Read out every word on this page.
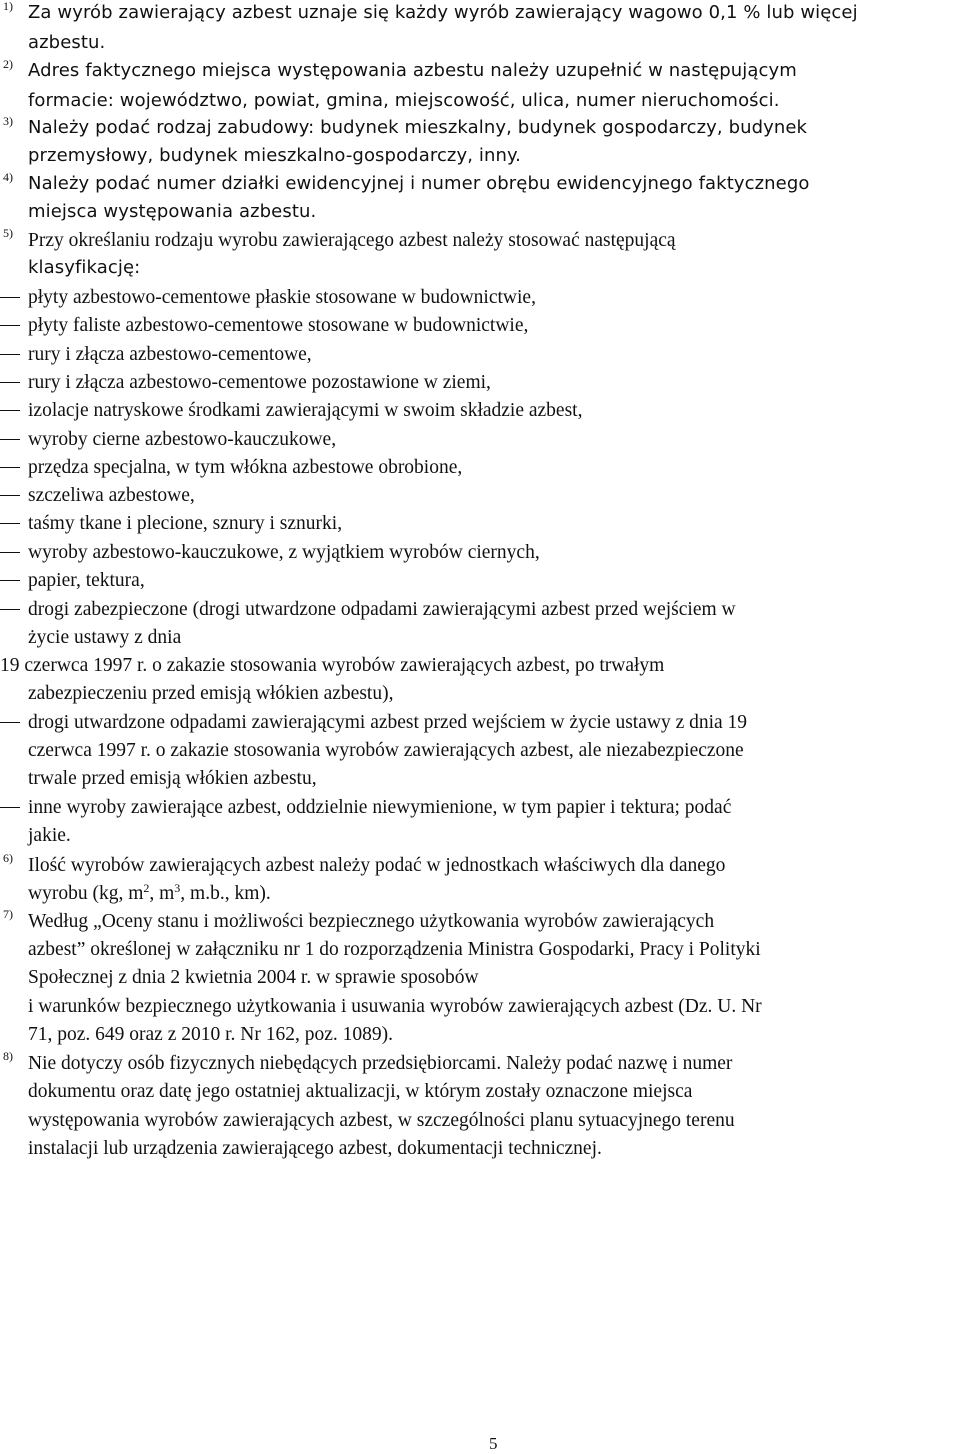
1) Za wyrób zawierający azbest uznaje się każdy wyrób zawierający wagowo 0,1 % lub więcej
azbestu.
2) Adres faktycznego miejsca występowania azbestu należy uzupełnić w następującym
formacie: województwo, powiat, gmina, miejscowość, ulica, numer nieruchomości.
3) Należy podać rodzaj zabudowy: budynek mieszkalny, budynek gospodarczy, budynek
przemysłowy, budynek mieszkalno-gospodarczy, inny.
4) Należy podać numer działki ewidencyjnej i numer obrębu ewidencyjnego faktycznego
miejsca występowania azbestu.
5) Przy określaniu rodzaju wyrobu zawierającego azbest należy stosować następującą
klasyfikację:
płyty azbestowo-cementowe płaskie stosowane w budownictwie,
płyty faliste azbestowo-cementowe stosowane w budownictwie,
rury i złącza azbestowo-cementowe,
rury i złącza azbestowo-cementowe pozostawione w ziemi,
izolacje natryskowe środkami zawierającymi w swoim składzie azbest,
wyroby cierne azbestowo-kauczukowe,
przędza specjalna, w tym włókna azbestowe obrobione,
szczeliwa azbestowe,
taśmy tkane i plecione, sznury i sznurki,
wyroby azbestowo-kauczukowe, z wyjątkiem wyrobów ciernych,
papier, tektura,
drogi zabezpieczone (drogi utwardzone odpadami zawierającymi azbest przed wejściem w
życie ustawy z dnia
19 czerwca 1997 r. o zakazie stosowania wyrobów zawierających azbest, po trwałym
zabezpieczeniu przed emisją włókien azbestu),
drogi utwardzone odpadami zawierającymi azbest przed wejściem w życie ustawy z dnia 19
czerwca 1997 r. o zakazie stosowania wyrobów zawierających azbest, ale niezabezpieczone
trwale przed emisją włókien azbestu,
inne wyroby zawierające azbest, oddzielnie niewymienione, w tym papier i tektura; podać
jakie.
6) Ilość wyrobów zawierających azbest należy podać w jednostkach właściwych dla danego
wyrobu (kg, $m^2$, $m^3$, m.b., km).
7) Według „Oceny stanu i możliwości bezpiecznego użytkowania wyrobów zawierających
azbest” określonej w załączniku nr 1 do rozporządzenia Ministra Gospodarki, Pracy i Polityki
Społecznej z dnia 2 kwietnia 2004 r. w sprawie sposobów
i warunków bezpiecznego użytkowania i usuwania wyrobów zawierających azbest (Dz. U. Nr
71, poz. 649 oraz z 2010 r. Nr 162, poz. 1089).
8) Nie dotyczy osób fizycznych niebędących przedsiębiorcami. Należy podać nazwę i numer
dokumentu oraz datę jego ostatniej aktualizacji, w którym zostały oznaczone miejsca
występowania wyrobów zawierających azbest, w szczególności planu sytuacyjnego terenu
instalacji lub urządzenia zawierającego azbest, dokumentacji technicznej.
5
